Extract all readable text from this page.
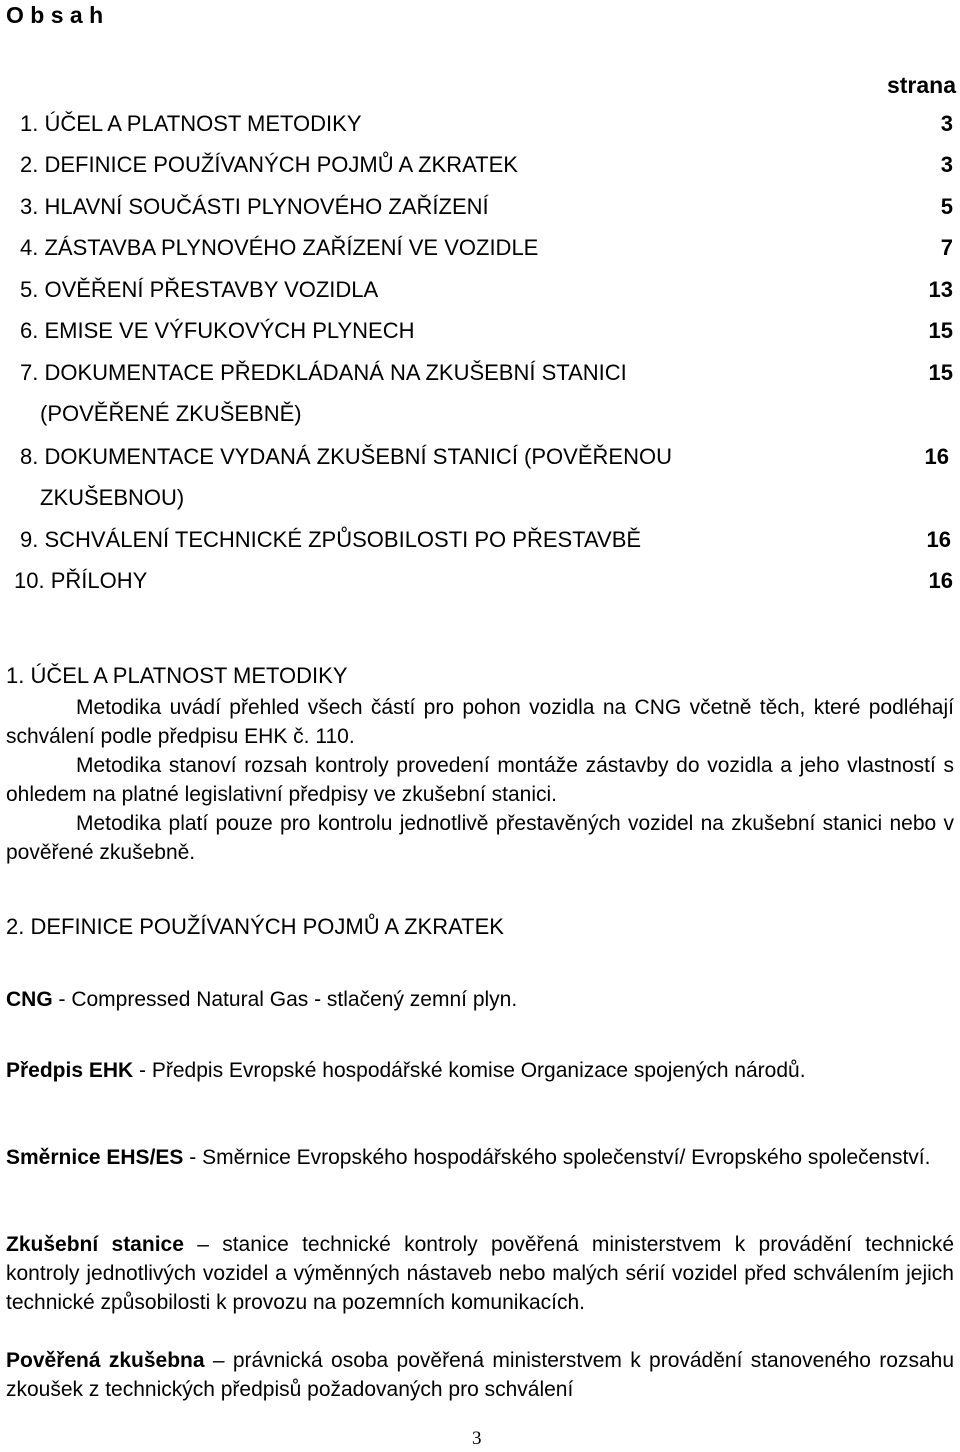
O b s a h
strana
1. ÚČEL A PLATNOST METODIKY	3
2. DEFINICE POUŽÍVANÝCH POJMŮ A ZKRATEK	3
3. HLAVNÍ SOUČÁSTI PLYNOVÉHO ZAŘÍZENÍ	5
4. ZÁSTAVBA PLYNOVÉHO ZAŘÍZENÍ VE VOZIDLE	7
5. OVĚŘENÍ PŘESTAVBY VOZIDLA	13
6. EMISE VE VÝFUKOVÝCH PLYNECH	15
7. DOKUMENTACE PŘEDKLÁDANÁ NA ZKUŠEBNÍ STANICI	15
(POVĚŘENÉ ZKUŠEBNĚ)
8. DOKUMENTACE VYDANÁ ZKUŠEBNÍ STANICÍ (POVĚŘENOU	16
ZKUŠEBNOU)
9. SCHVÁLENÍ TECHNICKÉ ZPŮSOBILOSTI PO PŘESTAVBĚ	16
10. PŘÍLOHY	16
1. ÚČEL A PLATNOST METODIKY
Metodika uvádí přehled všech částí pro pohon vozidla na CNG včetně těch, které podléhají schválení podle předpisu EHK č. 110.
Metodika stanoví rozsah kontroly provedení montáže zástavby do vozidla a jeho vlastností s ohledem na platné legislativní předpisy ve zkušební stanici.
Metodika platí pouze pro kontrolu jednotlivě přestavěných vozidel na zkušební stanici nebo v pověřené zkušebně.
2. DEFINICE POUŽÍVANÝCH POJMŮ A ZKRATEK
CNG - Compressed Natural Gas - stlačený zemní plyn.
Předpis EHK - Předpis Evropské hospodářské komise Organizace spojených národů.
Směrnice EHS/ES - Směrnice Evropského hospodářského společenství/ Evropského společenství.
Zkušební stanice – stanice technické kontroly pověřená ministerstvem k provádění technické kontroly jednotlivých vozidel a výměnných nástaveb nebo malých sérií vozidel před schválením jejich technické způsobilosti k provozu na pozemních komunikacích.
Pověřená zkušebna – právnická osoba pověřená ministerstvem k provádění stanoveného rozsahu zkoušek z technických předpisů požadovaných pro schválení
3
